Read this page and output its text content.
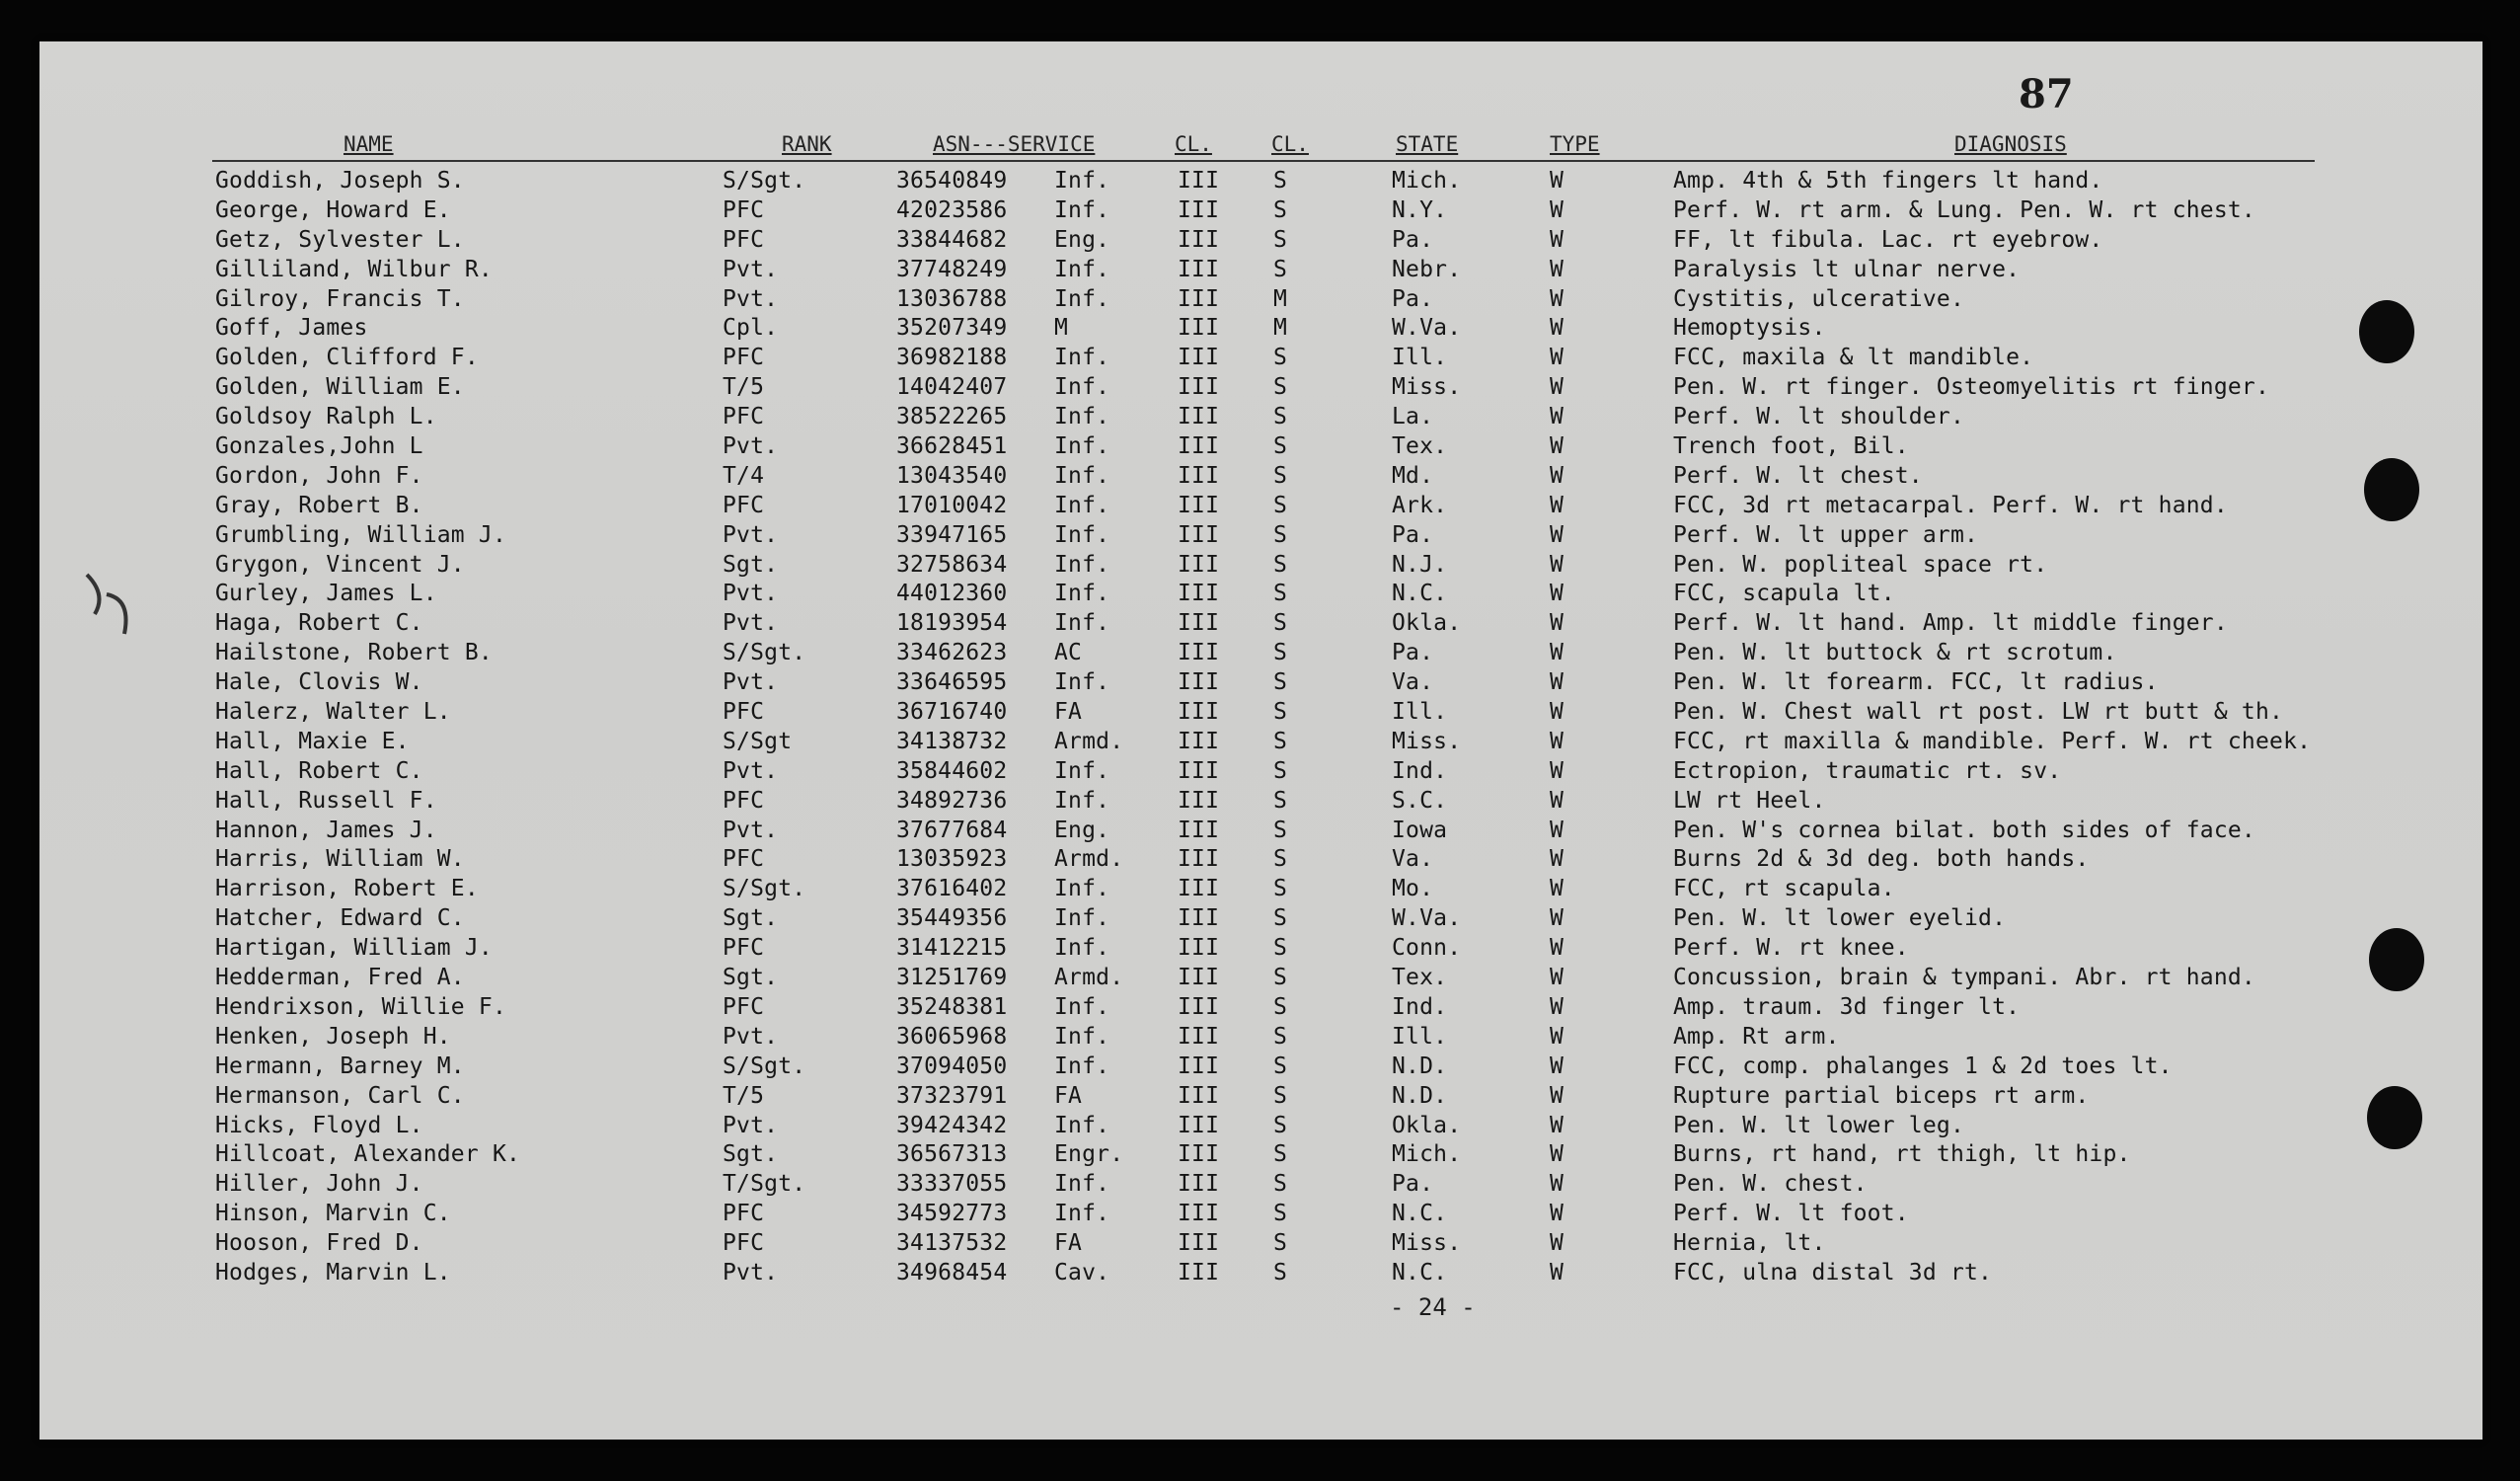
87
NAME	RANK	ASN---SERVICE	CL.	CL.	STATE	TYPE	DIAGNOSIS
Goddish, Joseph S.	S/Sgt.	36540849 Inf.	III S	Mich.	W	Amp. 4th & 5th fingers lt hand.
George, Howard E.	PFC	42023586 Inf.	III S	N.Y.	W	Perf. W. rt arm. & Lung. Pen. W. rt chest.
Getz, Sylvester L.	PFC	33844682 Eng.	III S	Pa.	W	FF, lt fibula. Lac. rt eyebrow.
Gilliland, Wilbur R.	Pvt.	37748249 Inf.	III S	Nebr.	W	Paralysis lt ulnar nerve.
Gilroy, Francis T.	Pvt.	13036788 Inf.	III M	Pa.	W	Cystitis, ulcerative.
Goff, James	Cpl.	35207349 M	III M	W.Va.	W	Hemoptysis.
Golden, Clifford F.	PFC	36982188 Inf.	III S	Ill.	W	FCC, maxila & lt mandible.
Golden, William E.	T/5	14042407 Inf.	III S	Miss.	W	Pen. W. rt finger. Osteomyelitis rt finger.
Goldsoy Ralph L.	PFC	38522265 Inf.	III S	La.	W	Perf. W. lt shoulder.
Gonzales,John L	Pvt.	36628451 Inf.	III S	Tex.	W	Trench foot, Bil.
Gordon, John F.	T/4	13043540 Inf.	III S	Md.	W	Perf. W. lt chest.
Gray, Robert B.	PFC	17010042 Inf.	III S	Ark.	W	FCC, 3d rt metacarpal. Perf. W. rt hand.
Grumbling, William J.	Pvt.	33947165 Inf.	III S	Pa.	W	Perf. W. lt upper arm.
Grygon, Vincent J.	Sgt.	32758634 Inf.	III S	N.J.	W	Pen. W. popliteal space rt.
Gurley, James L.	Pvt.	44012360 Inf.	III S	N.C.	W	FCC, scapula lt.
Haga, Robert C.	Pvt.	18193954 Inf.	III S	Okla.	W	Perf. W. lt hand. Amp. lt middle finger.
Hailstone, Robert B.	S/Sgt.	33462623 AC	III S	Pa.	W	Pen. W. lt buttock & rt scrotum.
Hale, Clovis W.	Pvt.	33646595 Inf.	III S	Va.	W	Pen. W. lt forearm. FCC, lt radius.
Halerz, Walter L.	PFC	36716740 FA	III S	Ill.	W	Pen. W. Chest wall rt post. LW rt butt & th.
Hall, Maxie E.	S/Sgt	34138732 Armd. III S	Miss.	W	FCC, rt maxilla & mandible. Perf. W. rt cheek.
Hall, Robert C.	Pvt.	35844602 Inf.	III S	Ind.	W	Ectropion, traumatic rt. sv.
Hall, Russell F.	PFC	34892736 Inf.	III S	S.C.	W	LW rt Heel.
Hannon, James J.	Pvt.	37677684 Eng.	III S	Iowa	W	Pen. W's cornea bilat. both sides of face.
Harris, William W.	PFC	13035923 Armd. III S	Va.	W	Burns 2d & 3d deg. both hands.
Harrison, Robert E.	S/Sgt.	37616402 Inf.	III S	Mo.	W	FCC, rt scapula.
Hatcher, Edward C.	Sgt.	35449356 Inf.	III S	W.Va.	W	Pen. W. lt lower eyelid.
Hartigan, William J.	PFC	31412215 Inf.	III S	Conn.	W	Perf. W. rt knee.
Hedderman, Fred A.	Sgt.	31251769 Armd. III S	Tex.	W	Concussion, brain & tympani. Abr. rt hand.
Hendrixson, Willie F.	PFC	35248381 Inf.	III S	Ind.	W	Amp. traum. 3d finger lt.
Henken, Joseph H.	Pvt.	36065968 Inf.	III S	Ill.	W	Amp. Rt arm.
Hermann, Barney M.	S/Sgt.	37094050 Inf.	III S	N.D.	W	FCC, comp. phalanges 1 & 2d toes lt.
Hermanson, Carl C.	T/5	37323791 FA	III S	N.D.	W	Rupture partial biceps rt arm.
Hicks, Floyd L.	Pvt.	39424342 Inf.	III S	Okla.	W	Pen. W. lt lower leg.
Hillcoat, Alexander K.	Sgt.	36567313 Engr. III S	Mich.	W	Burns, rt hand, rt thigh, lt hip.
Hiller, John J.	T/Sgt.	33337055 Inf.	III S	Pa.	W	Pen. W. chest.
Hinson, Marvin C.	PFC	34592773 Inf.	III S	N.C.	W	Perf. W. lt foot.
Hooson, Fred D.	PFC	34137532 FA	III S	Miss.	W	Hernia, lt.
Hodges, Marvin L.	Pvt.	34968454 Cav.	III S	N.C.	W	FCC, ulna distal 3d rt.
- 24 -
